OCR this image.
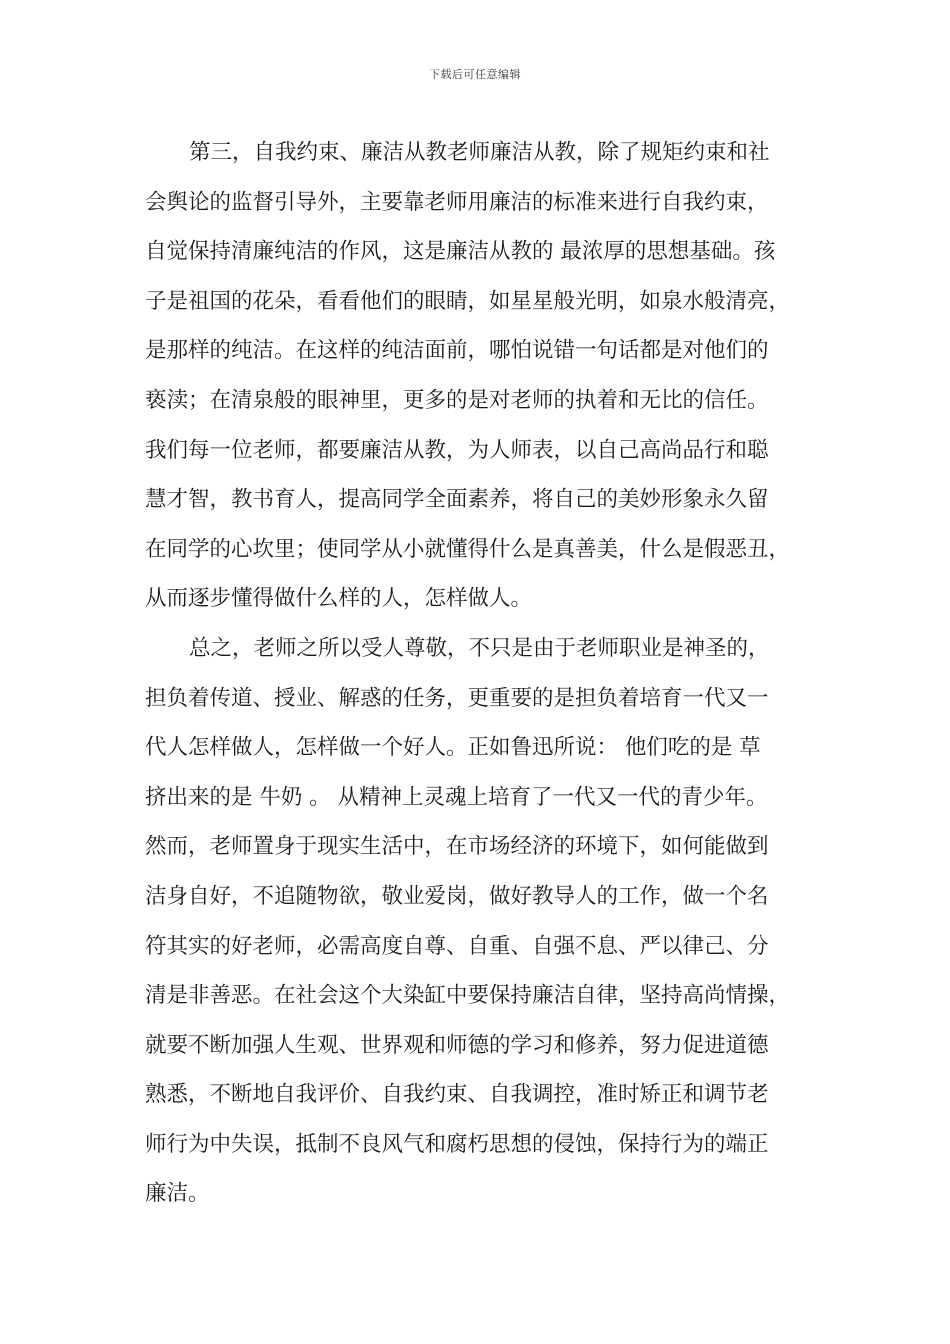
下载后可任意编辑
第三，自我约束、廉洁从教老师廉洁从教，除了规矩约束和社
会舆论的监督引导外，主要靠老师用廉洁的标准来进行自我约束，
自觉保持清廉纯洁的作风，这是廉洁从教的 最浓厚的思想基础。孩
子是祖国的花朵，看看他们的眼睛，如星星般光明，如泉水般清亮，
是那样的纯洁。在这样的纯洁面前，哪怕说错一句话都是对他们的
亵渎；在清泉般的眼神里，更多的是对老师的执着和无比的信任。
我们每一位老师，都要廉洁从教，为人师表，以自己高尚品行和聪
慧才智，教书育人，提高同学全面素养，将自己的美妙形象永久留
在同学的心坎里；使同学从小就懂得什么是真善美，什么是假恶丑，
从而逐步懂得做什么样的人，怎样做人。
总之，老师之所以受人尊敬，不只是由于老师职业是神圣的，
担负着传道、授业、解惑的任务，更重要的是担负着培育一代又一
代人怎样做人，怎样做一个好人。正如鲁迅所说： 他们吃的是 草
挤出来的是 牛奶 。 从精神上灵魂上培育了一代又一代的青少年。
然而，老师置身于现实生活中，在市场经济的环境下，如何能做到
洁身自好，不追随物欲，敬业爱岗，做好教导人的工作，做一个名
符其实的好老师，必需高度自尊、自重、自强不息、严以律己、分
清是非善恶。在社会这个大染缸中要保持廉洁自律，坚持高尚情操，
就要不断加强人生观、世界观和师德的学习和修养，努力促进道德
熟悉，不断地自我评价、自我约束、自我调控，准时矫正和调节老
师行为中失误，抵制不良风气和腐朽思想的侵蚀，保持行为的端正
廉洁。
